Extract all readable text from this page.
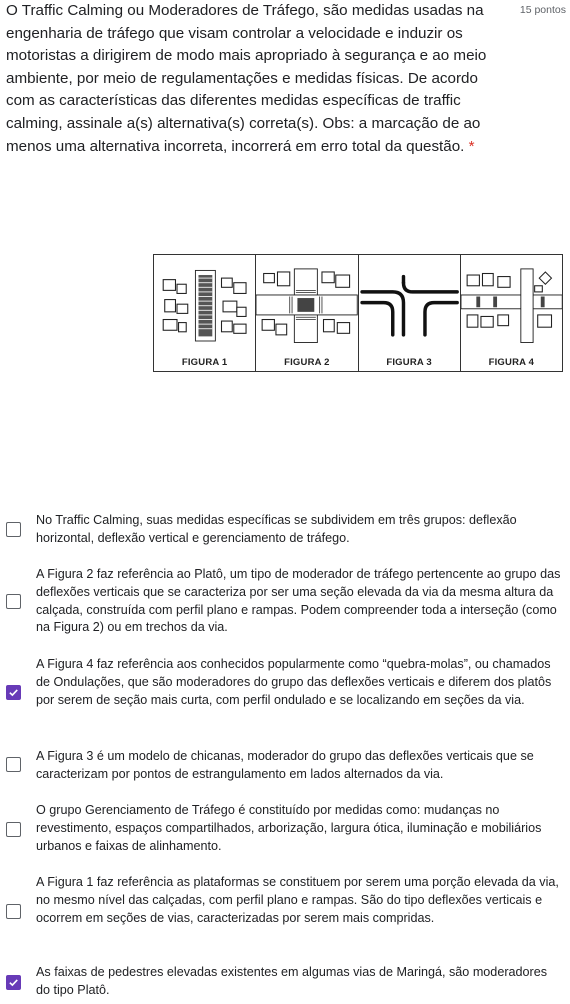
O Traffic Calming ou Moderadores de Tráfego, são medidas usadas na engenharia de tráfego que visam controlar a velocidade e induzir os motoristas a dirigirem de modo mais apropriado à segurança e ao meio ambiente, por meio de regulamentações e medidas físicas. De acordo com as características das diferentes medidas específicas de traffic calming, assinale a(s) alternativa(s) correta(s). Obs: a marcação de ao menos uma alternativa incorreta, incorrerá em erro total da questão. *
15 pontos
FIGURA 1	FIGURA 2	FIGURA 3	FIGURA 4
No Traffic Calming, suas medidas específicas se subdividem em três grupos: deflexão horizontal, deflexão vertical e gerenciamento de tráfego.
A Figura 2 faz referência ao Platô, um tipo de moderador de tráfego pertencente ao grupo das deflexões verticais que se caracteriza por ser uma seção elevada da via da mesma altura da calçada, construída com perfil plano e rampas. Podem compreender toda a interseção (como na Figura 2) ou em trechos da via.
A Figura 4 faz referência aos conhecidos popularmente como “quebra-molas”, ou chamados de Ondulações, que são moderadores do grupo das deflexões verticais e diferem dos platôs por serem de seção mais curta, com perfil ondulado e se localizando em seções da via.
A Figura 3 é um modelo de chicanas, moderador do grupo das deflexões verticais que se caracterizam por pontos de estrangulamento em lados alternados da via.
O grupo Gerenciamento de Tráfego é constituído por medidas como: mudanças no revestimento, espaços compartilhados, arborização, largura ótica, iluminação e mobiliários urbanos e faixas de alinhamento.
A Figura 1 faz referência as plataformas se constituem por serem uma porção elevada da via, no mesmo nível das calçadas, com perfil plano e rampas. São do tipo deflexões verticais e ocorrem em seções de vias, caracterizadas por serem mais compridas.
As faixas de pedestres elevadas existentes em algumas vias de Maringá, são moderadores do tipo Platô.
